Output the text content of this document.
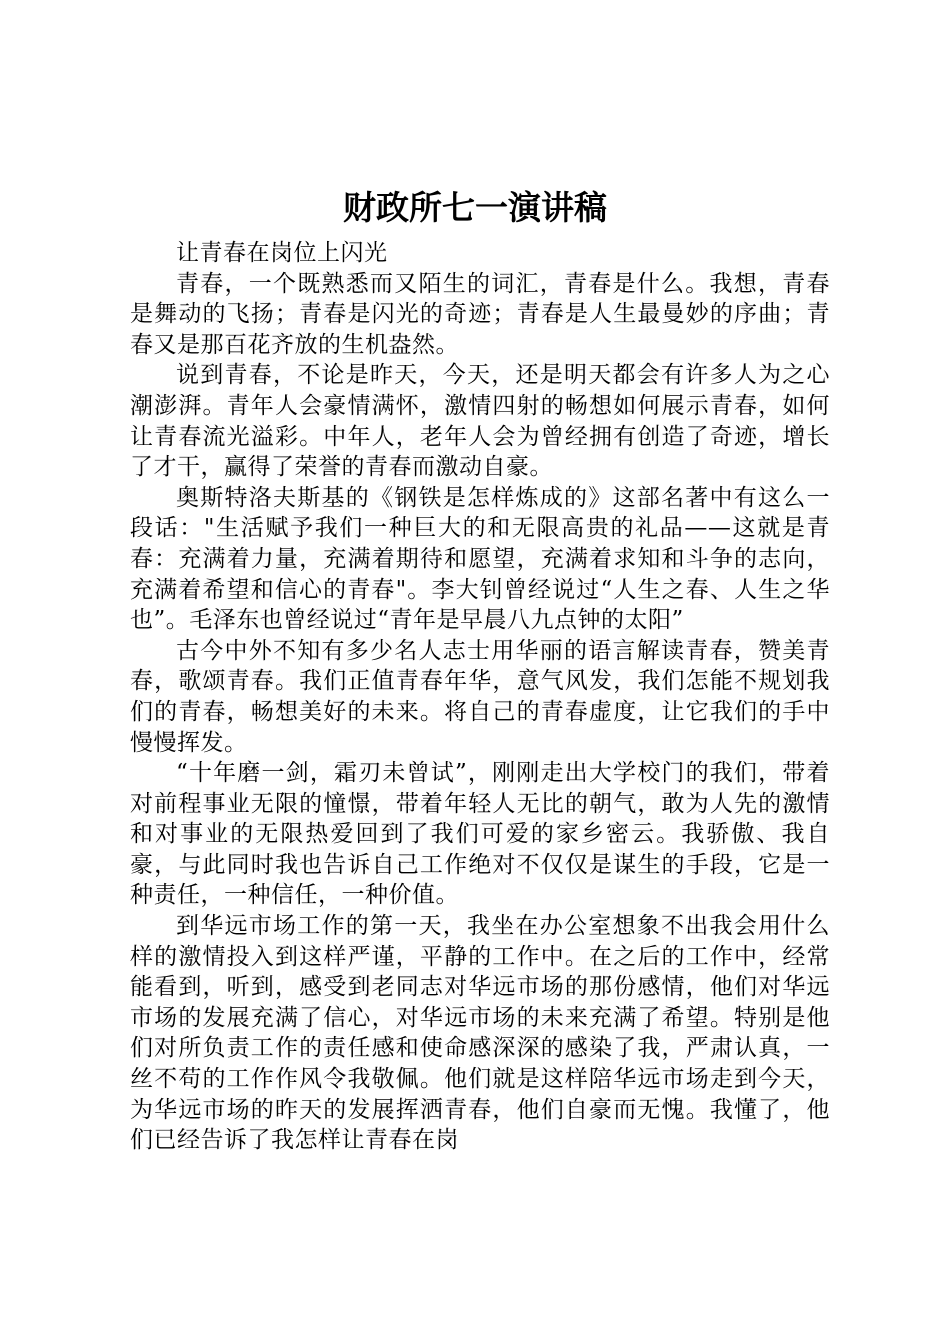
财政所七一演讲稿

让青春在岗位上闪光

青春，一个既熟悉而又陌生的词汇，青春是什么。我想，青春是舞动的飞扬；青春是闪光的奇迹；青春是人生最曼妙的序曲；青春又是那百花齐放的生机盎然。

说到青春，不论是昨天，今天，还是明天都会有许多人为之心潮澎湃。青年人会豪情满怀，激情四射的畅想如何展示青春，如何让青春流光溢彩。中年人，老年人会为曾经拥有创造了奇迹，增长了才干，赢得了荣誉的青春而激动自豪。

奥斯特洛夫斯基的《钢铁是怎样炼成的》这部名著中有这么一段话："生活赋予我们一种巨大的和无限高贵的礼品——这就是青春：充满着力量，充满着期待和愿望，充满着求知和斗争的志向，充满着希望和信心的青春"。李大钊曾经说过“人生之春、人生之华也”。毛泽东也曾经说过“青年是早晨八九点钟的太阳”

古今中外不知有多少名人志士用华丽的语言解读青春，赞美青春，歌颂青春。我们正值青春年华，意气风发，我们怎能不规划我们的青春，畅想美好的未来。将自己的青春虚度，让它我们的手中慢慢挥发。

“十年磨一剑，霜刃未曾试”，刚刚走出大学校门的我们，带着对前程事业无限的憧憬，带着年轻人无比的朝气，敢为人先的激情和对事业的无限热爱回到了我们可爱的家乡密云。我骄傲、我自豪，与此同时我也告诉自己工作绝对不仅仅是谋生的手段，它是一种责任，一种信任，一种价值。

到华远市场工作的第一天，我坐在办公室想象不出我会用什么样的激情投入到这样严谨，平静的工作中。在之后的工作中，经常能看到，听到，感受到老同志对华远市场的那份感情，他们对华远市场的发展充满了信心，对华远市场的未来充满了希望。特别是他们对所负责工作的责任感和使命感深深的感染了我，严肃认真，一丝不苟的工作作风令我敬佩。他们就是这样陪华远市场走到今天，为华远市场的昨天的发展挥洒青春，他们自豪而无愧。我懂了，他们已经告诉了我怎样让青春在岗
